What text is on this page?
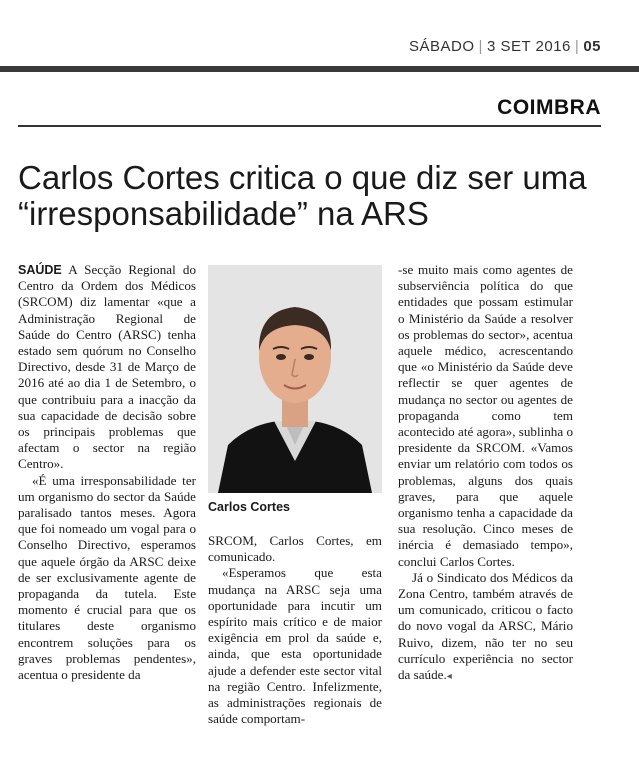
SÁBADO | 3 SET 2016 | 05
COIMBRA
Carlos Cortes critica o que diz ser uma “irresponsabilidade” na ARS

SAÚDE A Secção Regional do Centro da Ordem dos Médicos (SRCOM) diz lamentar «que a Administração Regional de Saúde do Centro (ARSC) tenha estado sem quórum no Conselho Directivo, desde 31 de Março de 2016 até ao dia 1 de Setembro, o que contribuiu para a inacção da sua capacidade de decisão sobre os principais problemas que afectam o sector na região Centro».

«É uma irresponsabilidade ter um organismo do sector da Saúde paralisado tantos meses. Agora que foi nomeado um vogal para o Conselho Directivo, esperamos que aquele órgão da ARSC deixe de ser exclusivamente agente de propaganda da tutela. Este momento é crucial para que os titulares deste organismo encontrem soluções para os graves problemas pendentes», acentua o presidente da

Carlos Cortes

SRCOM, Carlos Cortes, em comunicado.

«Esperamos que esta mudança na ARSC seja uma oportunidade para incutir um espírito mais crítico e de maior exigência em prol da saúde e, ainda, que esta oportunidade ajude a defender este sector vital na região Centro. Infelizmente, as administrações regionais de saúde comportam-

-se muito mais como agentes de subserviência política do que entidades que possam estimular o Ministério da Saúde a resolver os problemas do sector», acentua aquele médico, acrescentando que «o Ministério da Saúde deve reflectir se quer agentes de mudança no sector ou agentes de propaganda como tem acontecido até agora», sublinha o presidente da SRCOM. «Vamos enviar um relatório com todos os problemas, alguns dos quais graves, para que aquele organismo tenha a capacidade da sua resolução. Cinco meses de inércia é demasiado tempo», conclui Carlos Cortes.

Já o Sindicato dos Médicos da Zona Centro, também através de um comunicado, criticou o facto do novo vogal da ARSC, Mário Ruivo, dizem, não ter no seu currículo experiência no sector da saúde.◂
